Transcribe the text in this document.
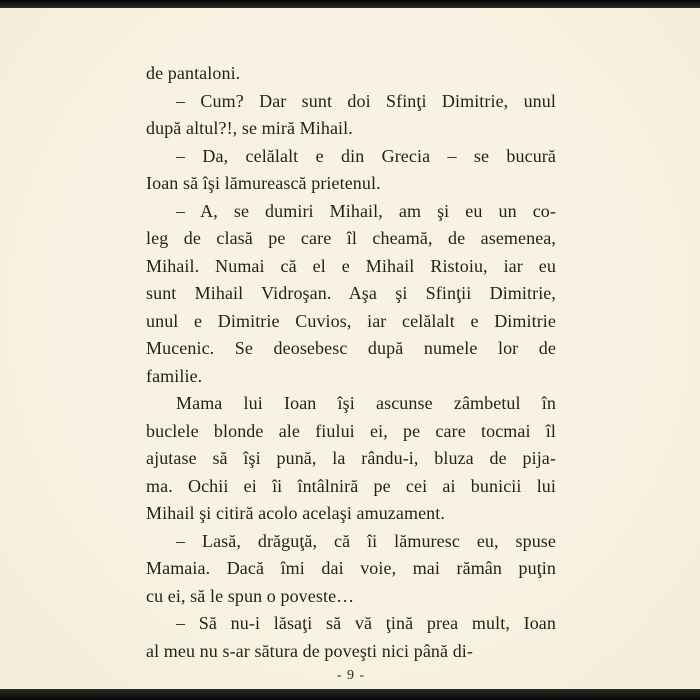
de pantaloni.
– Cum? Dar sunt doi Sfinţi Dimitrie, unul
după altul?!, se miră Mihail.
– Da, celălalt e din Grecia – se bucură
Ioan să îşi lămurească prietenul.
– A, se dumiri Mihail, am şi eu un co-
leg de clasă pe care îl cheamă, de asemenea,
Mihail. Numai că el e Mihail Ristoiu, iar eu
sunt Mihail Vidroşan. Aşa şi Sfinţii Dimitrie,
unul e Dimitrie Cuvios, iar celălalt e Dimitrie
Mucenic. Se deosebesc după numele lor de
familie.
Mama lui Ioan îşi ascunse zâmbetul în
buclele blonde ale fiului ei, pe care tocmai îl
ajutase să îşi pună, la rându-i, bluza de pija-
ma. Ochii ei îi întâlniră pe cei ai bunicii lui
Mihail şi citiră acolo acelaşi amuzament.
– Lasă, drăguţă, că îi lămuresc eu, spuse
Mamaia. Dacă îmi dai voie, mai rămân puţin
cu ei, să le spun o poveste…
– Să nu-i lăsaţi să vă ţină prea mult, Ioan
al meu nu s-ar sătura de poveşti nici până di-
- 9 -
